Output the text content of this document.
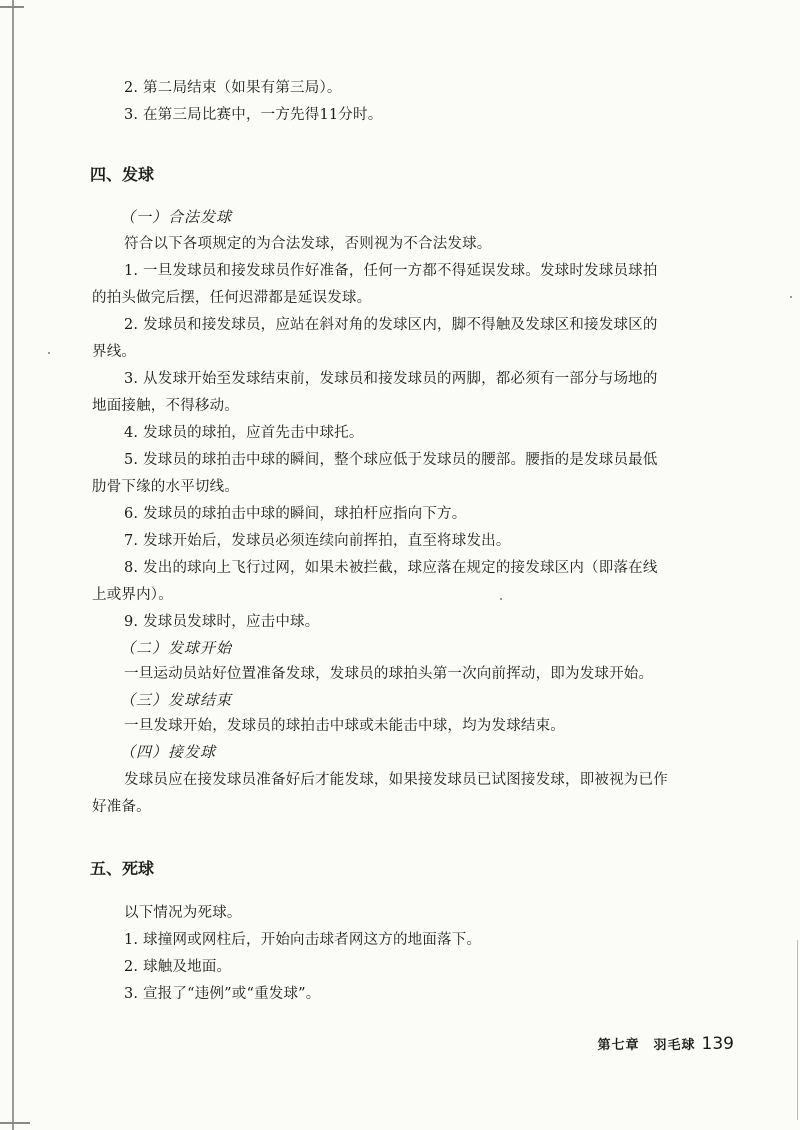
2. 第二局结束（如果有第三局）。
3. 在第三局比赛中，一方先得11分时。
四、发球
（一）合法发球
符合以下各项规定的为合法发球，否则视为不合法发球。
1. 一旦发球员和接发球员作好准备，任何一方都不得延误发球。发球时发球员球拍
的拍头做完后摆，任何迟滞都是延误发球。
2. 发球员和接发球员，应站在斜对角的发球区内，脚不得触及发球区和接发球区的
界线。
3. 从发球开始至发球结束前，发球员和接发球员的两脚，都必须有一部分与场地的
地面接触，不得移动。
4. 发球员的球拍，应首先击中球托。
5. 发球员的球拍击中球的瞬间，整个球应低于发球员的腰部。腰指的是发球员最低
肋骨下缘的水平切线。
6. 发球员的球拍击中球的瞬间，球拍杆应指向下方。
7. 发球开始后，发球员必须连续向前挥拍，直至将球发出。
8. 发出的球向上飞行过网，如果未被拦截，球应落在规定的接发球区内（即落在线
上或界内）。
9. 发球员发球时，应击中球。
（二）发球开始
一旦运动员站好位置准备发球，发球员的球拍头第一次向前挥动，即为发球开始。
（三）发球结束
一旦发球开始，发球员的球拍击中球或未能击中球，均为发球结束。
（四）接发球
发球员应在接发球员准备好后才能发球，如果接发球员已试图接发球，即被视为已作
好准备。
五、死球
以下情况为死球。
1. 球撞网或网柱后，开始向击球者网这方的地面落下。
2. 球触及地面。
3. 宣报了“违例”或“重发球”。
第七章　羽毛球 139
